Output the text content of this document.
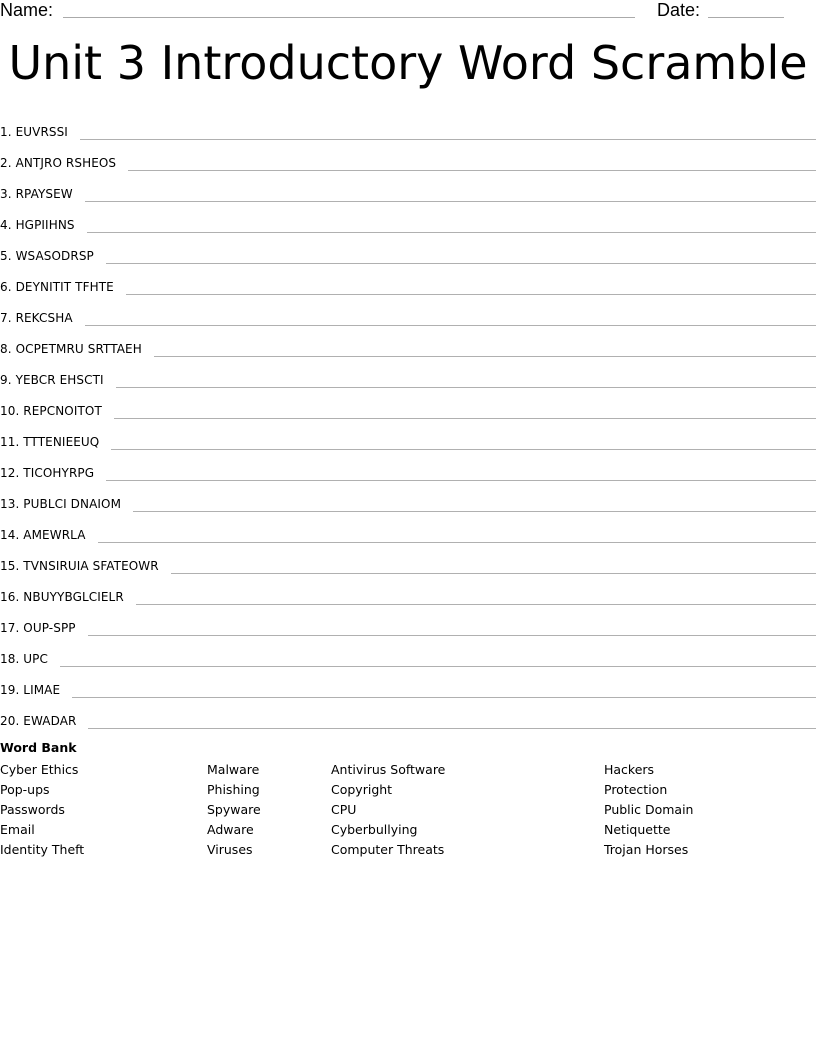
Name:	Date:
Unit 3 Introductory Word Scramble
1. EUVRSSI
2. ANTJRO RSHEOS
3. RPAYSEW
4. HGPIIHNS
5. WSASODRSP
6. DEYNITIT TFHTE
7. REKCSHA
8. OCPETMRU SRTTAEH
9. YEBCR EHSCTI
10. REPCNOITOT
11. TTTENIEEUQ
12. TICOHYRPG
13. PUBLCI DNAIOM
14. AMEWRLA
15. TVNSIRUIA SFATEOWR
16. NBUYYBGLCIELR
17. OUP-SPP
18. UPC
19. LIMAE
20. EWADAR
Word Bank
Cyber Ethics
Pop-ups
Passwords
Email
Identity Theft
Malware
Phishing
Spyware
Adware
Viruses
Antivirus Software
Copyright
CPU
Cyberbullying
Computer Threats
Hackers
Protection
Public Domain
Netiquette
Trojan Horses
